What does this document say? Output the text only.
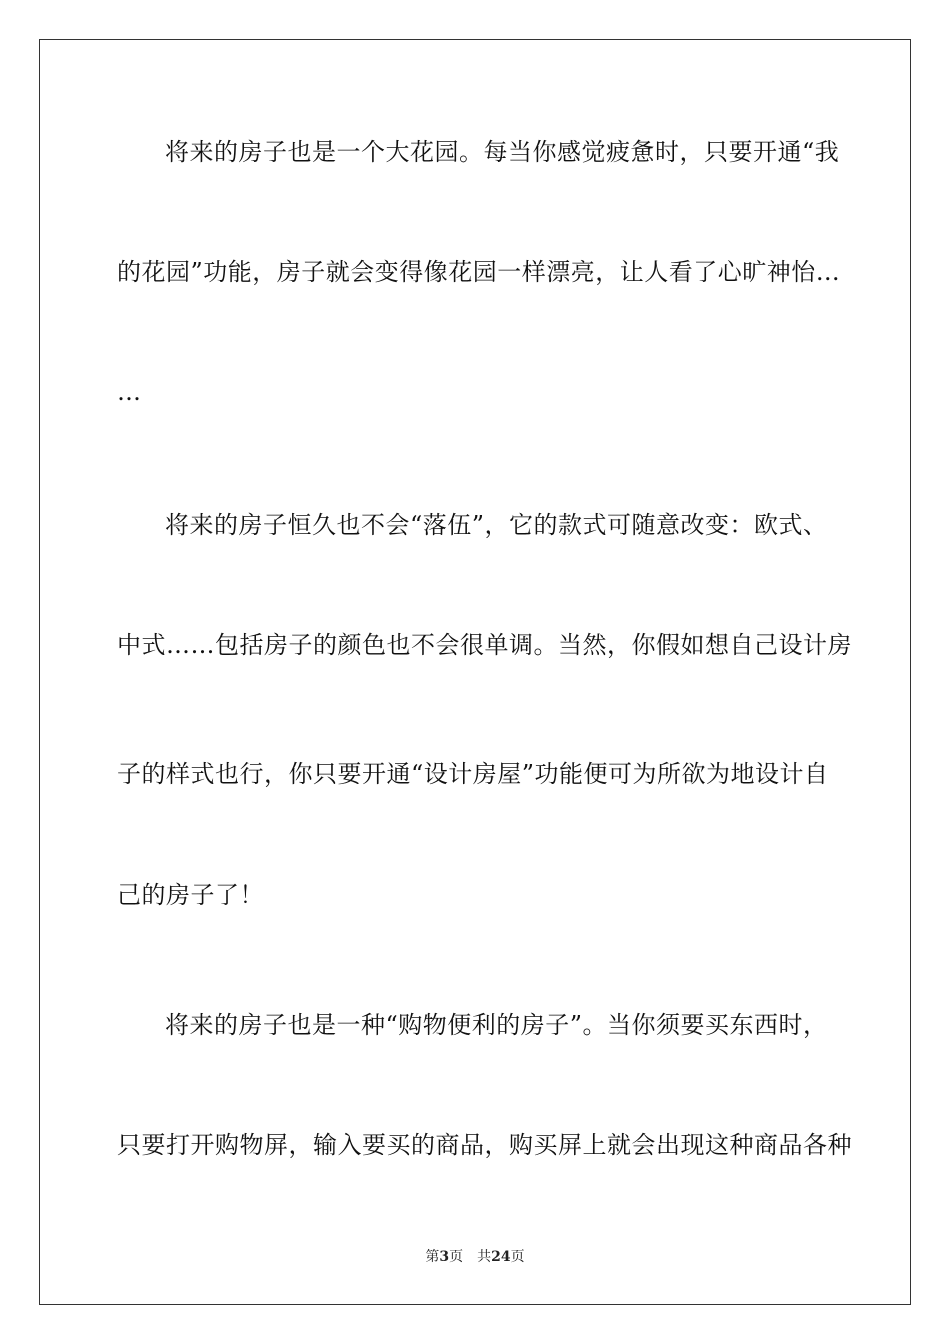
将来的房子也是一个大花园。每当你感觉疲惫时，只要开通“我
的花园”功能，房子就会变得像花园一样漂亮，让人看了心旷神怡…
…
将来的房子恒久也不会“落伍”，它的款式可随意改变：欧式、
中式……包括房子的颜色也不会很单调。当然，你假如想自己设计房
子的样式也行，你只要开通“设计房屋”功能便可为所欲为地设计自
己的房子了！
将来的房子也是一种“购物便利的房子”。当你须要买东西时，
只要打开购物屏，输入要买的商品，购买屏上就会出现这种商品各种
第3页 共24页
